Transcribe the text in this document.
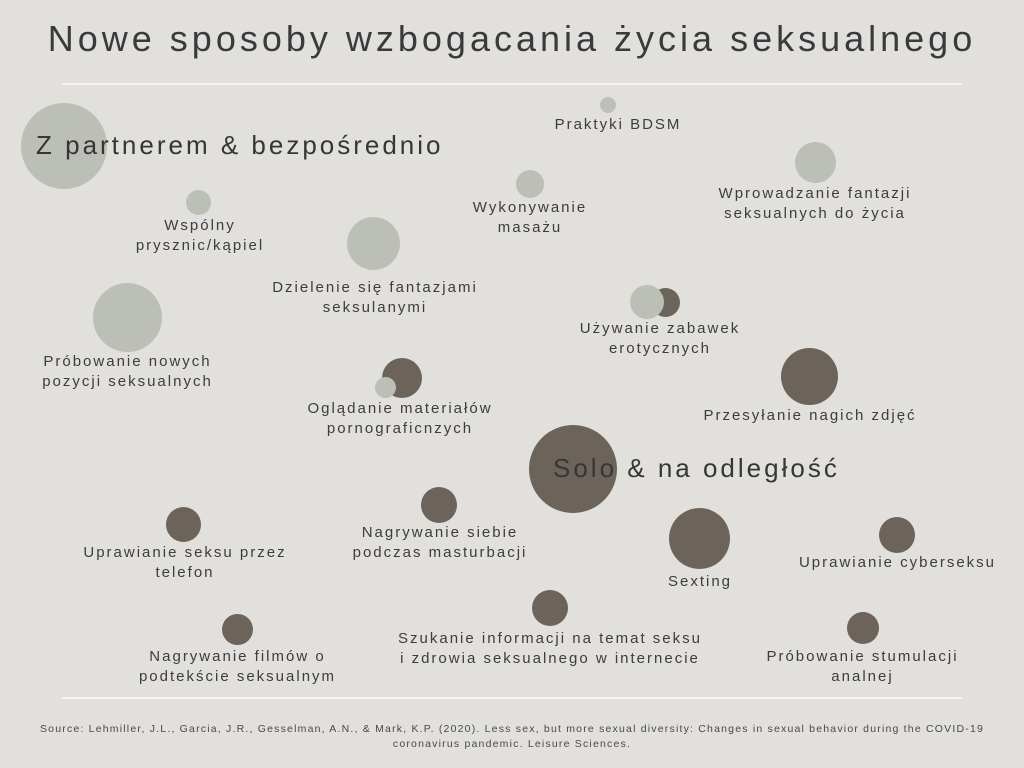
Nowe sposoby wzbogacania życia seksualnego
Z partnerem & bezpośrednio
Solo & na odległość
Praktyki BDSM
Wprowadzanie fantazji
seksualnych do życia
Wykonywanie
masażu
Wspólny
prysznic/kąpiel
Dzielenie się fantazjami
seksulanymi
Używanie zabawek
erotycznych
Próbowanie nowych
pozycji seksualnych
Oglądanie materiałów
pornograficnzych
Przesyłanie nagich zdjęć
Uprawianie seksu przez
telefon
Nagrywanie siebie
podczas masturbacji
Sexting
Uprawianie cyberseksu
Nagrywanie filmów o
podtekście seksualnym
Szukanie informacji na temat seksu
i zdrowia seksualnego w internecie	Próbowanie stumulacji
analnej
Source: Lehmiller, J.L., Garcia, J.R., Gesselman, A.N., & Mark, K.P. (2020). Less sex, but more sexual diversity: Changes in sexual behavior during the COVID-19 coronavirus pandemic. Leisure Sciences.
